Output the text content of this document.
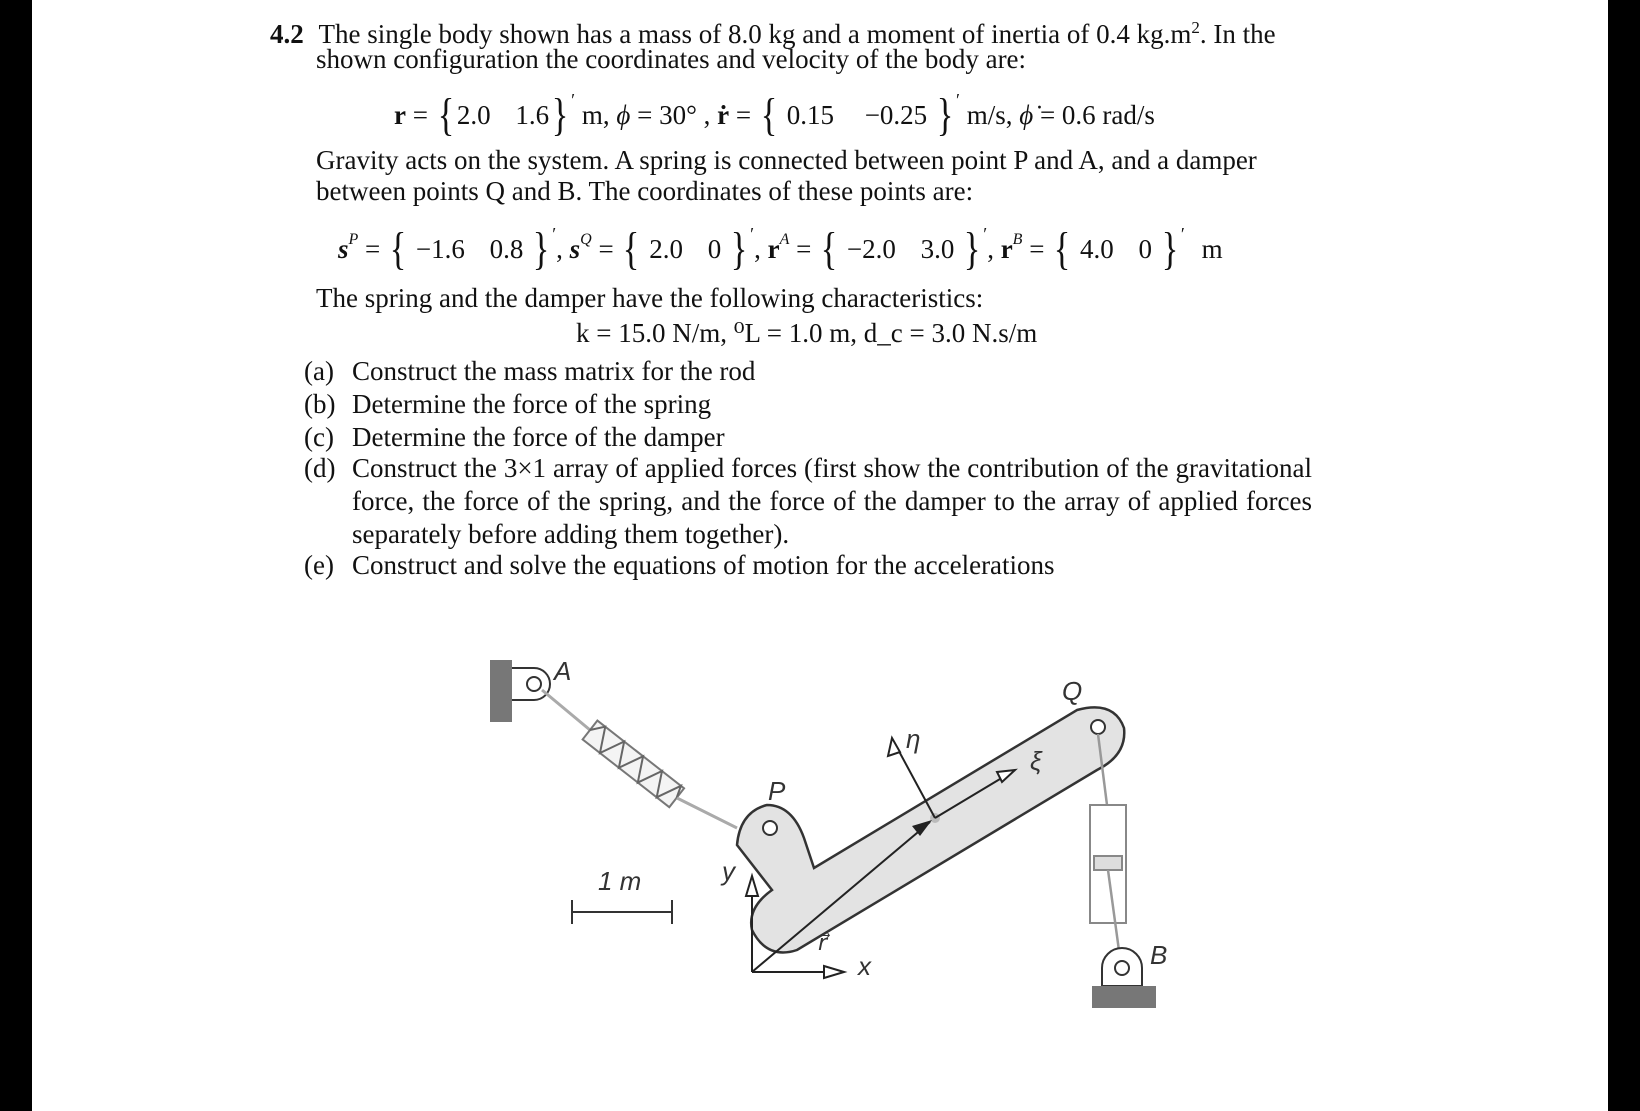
4.2 The single body shown has a mass of 8.0 kg and a moment of inertia of 0.4 $kg.m^2$. In the
shown configuration the coordinates and velocity of the body are:
r = { 2.0 1.6} ′ m, ϕ = 30° , ṙ = { 0.15 −0.25 } ′ m/s, ϕ̇ = 0.6 rad/s
Gravity acts on the system. A spring is connected between point P and A, and a damper
between points Q and B. The coordinates of these points are:
$s^P$ = { −1.6 0.8 } ′, $s^Q$ = { 2.0 0 } ′, $r^A$ = { −2.0 3.0 } ′, $r^B$ = { 4.0 0 } ′ m
The spring and the damper have the following characteristics:
k = 15.0 N/m, ⁰L = 1.0 m, d_c = 3.0 N.s/m
(a) Construct the mass matrix for the rod
(b) Determine the force of the spring
(c) Determine the force of the damper
(d) Construct the 3×1 array of applied forces (first show the contribution of the gravitational force, the force of the spring, and the force of the damper to the array of applied forces separately before adding them together).
(e) Construct and solve the equations of motion for the accelerations
A
P
Q
ξ
η
y
x
r⃗	B
1 m
